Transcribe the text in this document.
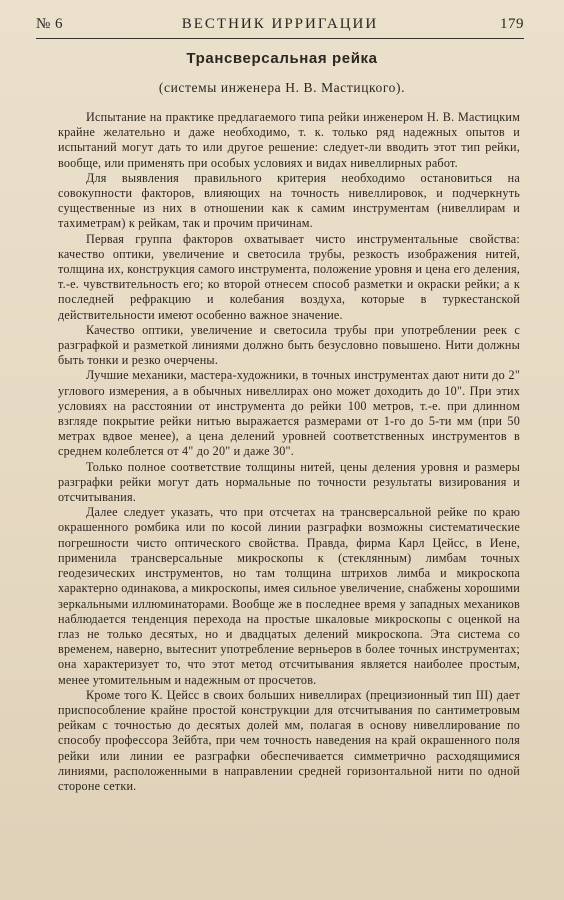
№ 6	ВЕСТНИК ИРРИГАЦИИ	179
Трансверсальная рейка
(системы инженера Н. В. Мастицкого).

Испытание на практике предлагаемого типа рейки инженером Н. В. Мастицким крайне желательно и даже необходимо, т. к. только ряд надежных опытов и испытаний могут дать то или другое решение: следует-ли вводить этот тип рейки, вообще, или применять при особых условиях и видах нивеллирных работ.

Для выявления правильного критерия необходимо остановиться на совокупности факторов, влияющих на точность нивеллировок, и подчеркнуть существенные из них в отношении как к самим инструментам (нивеллирам и тахиметрам) к рейкам, так и прочим причинам.

Первая группа факторов охватывает чисто инструментальные свойства: качество оптики, увеличение и светосила трубы, резкость изображения нитей, толщина их, конструкция самого инструмента, положение уровня и цена его деления, т.-е. чувствительность его; ко второй отнесем способ разметки и окраски рейки; а к последней рефракцию и колебания воздуха, которые в туркестанской действительности имеют особенно важное значение.

Качество оптики, увеличение и светосила трубы при употреблении реек с разграфкой и разметкой линиями должно быть безусловно повышено. Нити должны быть тонки и резко очерчены.

Лучшие механики, мастера-художники, в точных инструментах дают нити до 2" углового измерения, а в обычных нивеллирах оно может доходить до 10". При этих условиях на расстоянии от инструмента до рейки 100 метров, т.-е. при длинном взгляде покрытие рейки нитью выражается размерами от 1-го до 5-ти мм (при 50 метрах вдвое менее), а цена делений уровней соответственных инструментов в среднем колеблется от 4" до 20" и даже 30".

Только полное соответствие толщины нитей, цены деления уровня и размеры разграфки рейки могут дать нормальные по точности результаты визирования и отсчитывания.

Далее следует указать, что при отсчетах на трансверсальной рейке по краю окрашенного ромбика или по косой линии разграфки возможны систематические погрешности чисто оптического свойства. Правда, фирма Карл Цейсс, в Иене, применила трансверсальные микроскопы к (стеклянным) лимбам точных геодезических инструментов, но там толщина штрихов лимба и микроскопа характерно одинакова, а микроскопы, имея сильное увеличение, снабжены хорошими зеркальными иллюминаторами. Вообще же в последнее время у западных механиков наблюдается тенденция перехода на простые шкаловые микроскопы с оценкой на глаз не только десятых, но и двадцатых делений микроскопа. Эта система со временем, наверно, вытеснит употребление верньеров в более точных инструментах; она характеризует то, что этот метод отсчитывания является наиболее простым, менее утомительным и надежным от просчетов.

Кроме того К. Цейсс в своих больших нивеллирах (прецизионный тип III) дает приспособление крайне простой конструкции для отсчитывания по сантиметровым рейкам с точностью до десятых долей мм, полагая в основу нивеллирование по способу профессора Зейбта, при чем точность наведения на край окрашенного поля рейки или линии ее разграфки обеспечивается симметрично расходящимися линиями, расположенными в направлении средней горизонтальной нити по одной стороне сетки.
